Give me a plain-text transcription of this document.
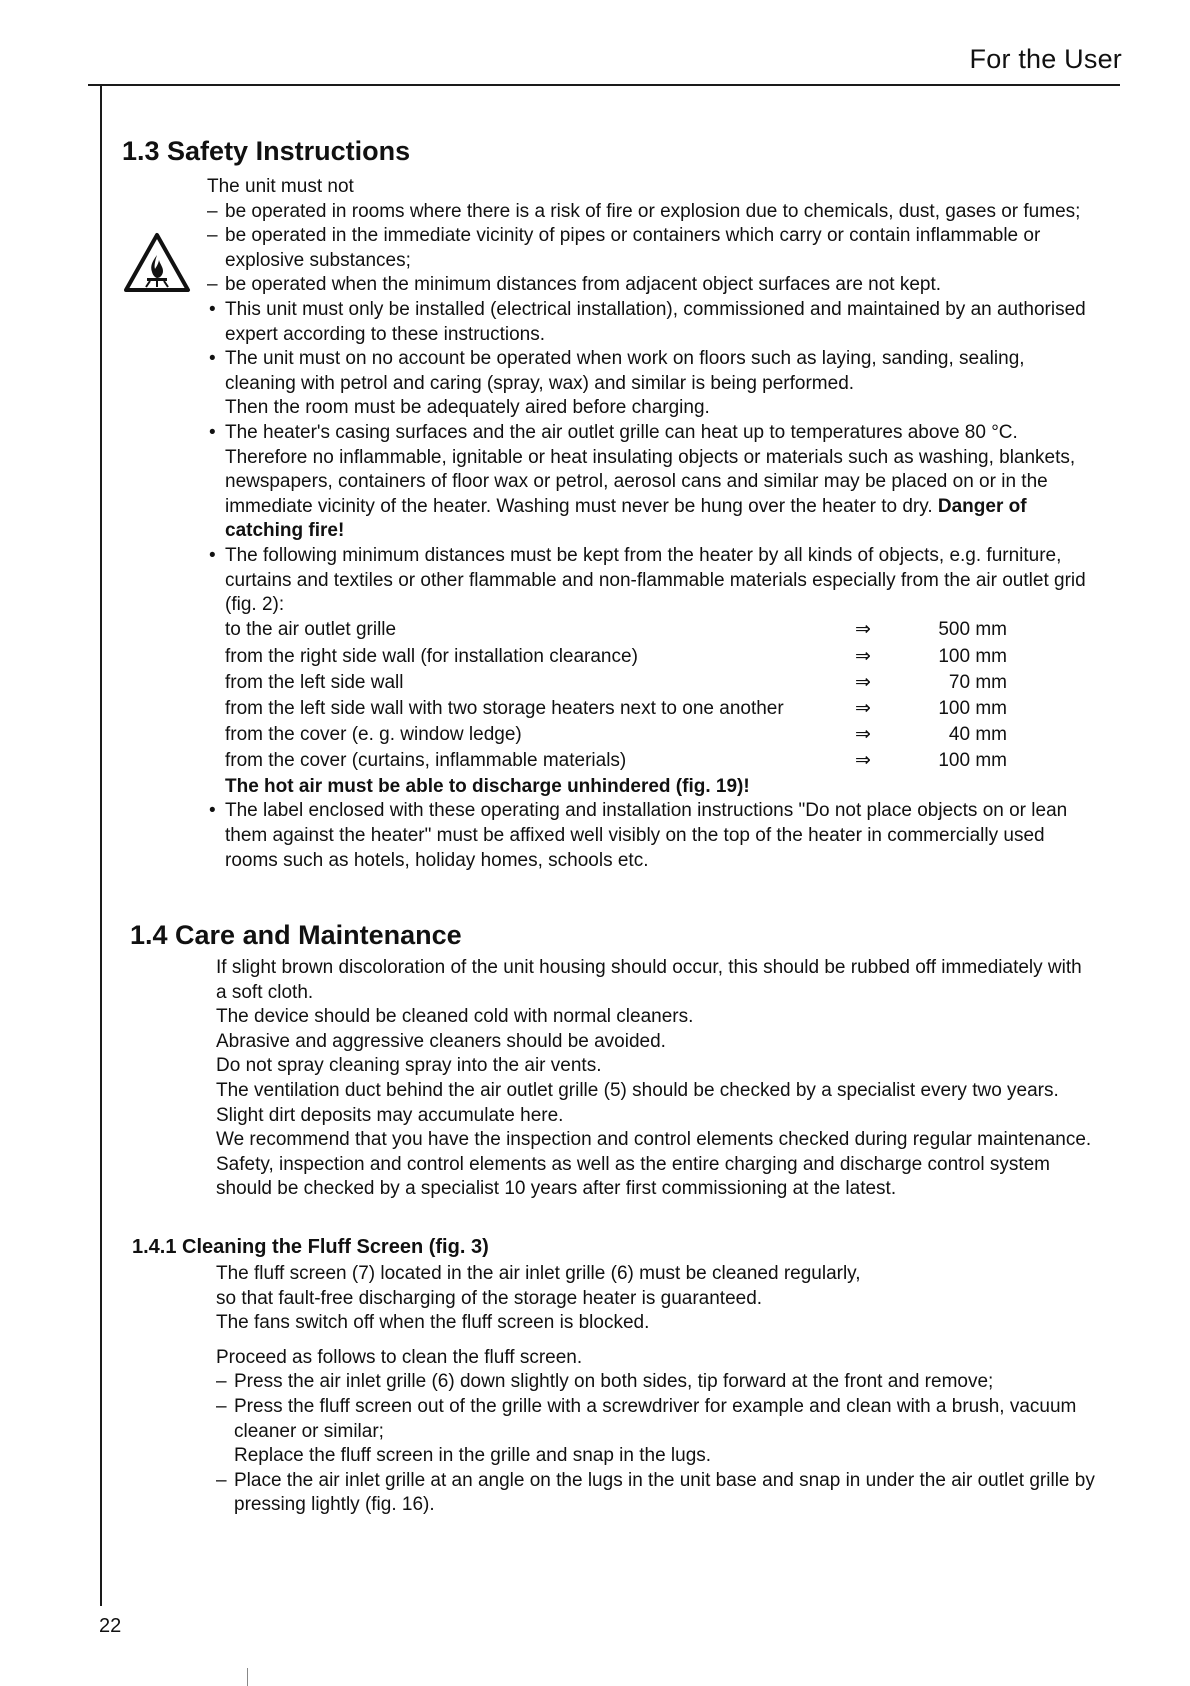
For the User
1.3 Safety Instructions

The unit must not

– be operated in rooms where there is a risk of fire or explosion due to chemicals, dust, gases or fumes;

– be operated in the immediate vicinity of pipes or containers which carry or contain inflammable or explosive substances;

– be operated when the minimum distances from adjacent object surfaces are not kept.

• This unit must only be installed (electrical installation), commissioned and maintained by an authorised expert according to these instructions.

• The unit must on no account be operated when work on floors such as laying, sanding, sealing, cleaning with petrol and caring (spray, wax) and similar is being performed.

Then the room must be adequately aired before charging.

• The heater's casing surfaces and the air outlet grille can heat up to temperatures above 80 °C. Therefore no inflammable, ignitable or heat insulating objects or materials such as washing, blankets, newspapers, containers of floor wax or petrol, aerosol cans and similar may be placed on or in the immediate vicinity of the heater. Washing must never be hung over the heater to dry. Danger of catching fire!

• The following minimum distances must be kept from the heater by all kinds of objects, e.g. furniture, curtains and textiles or other flammable and non-flammable materials especially from the air outlet grid (fig. 2):

to the air outlet grille	⇒	500 mm
from the right side wall (for installation clearance)	⇒	100 mm
from the left side wall	⇒	70 mm
from the left side wall with two storage heaters next to one another	⇒	100 mm
from the cover (e. g. window ledge)	⇒	40 mm
from the cover (curtains, inflammable materials)	⇒	100 mm

The hot air must be able to discharge unhindered (fig. 19)!

• The label enclosed with these operating and installation instructions "Do not place objects on or lean them against the heater" must be affixed well visibly on the top of the heater in commercially used rooms such as hotels, holiday homes, schools etc.

1.4 Care and Maintenance

If slight brown discoloration of the unit housing should occur, this should be rubbed off immediately with a soft cloth.

The device should be cleaned cold with normal cleaners.

Abrasive and aggressive cleaners should be avoided.

Do not spray cleaning spray into the air vents.

The ventilation duct behind the air outlet grille (5) should be checked by a specialist every two years. Slight dirt deposits may accumulate here.

We recommend that you have the inspection and control elements checked during regular maintenance. Safety, inspection and control elements as well as the entire charging and discharge control system should be checked by a specialist 10 years after first commissioning at the latest.

1.4.1 Cleaning the Fluff Screen (fig. 3)

The fluff screen (7) located in the air inlet grille (6) must be cleaned regularly,

so that fault-free discharging of the storage heater is guaranteed.

The fans switch off when the fluff screen is blocked.

Proceed as follows to clean the fluff screen.

– Press the air inlet grille (6) down slightly on both sides, tip forward at the front and remove;

– Press the fluff screen out of the grille with a screwdriver for example and clean with a brush, vacuum cleaner or similar;

Replace the fluff screen in the grille and snap in the lugs.

– Place the air inlet grille at an angle on the lugs in the unit base and snap in under the air outlet grille by pressing lightly (fig. 16).

22
